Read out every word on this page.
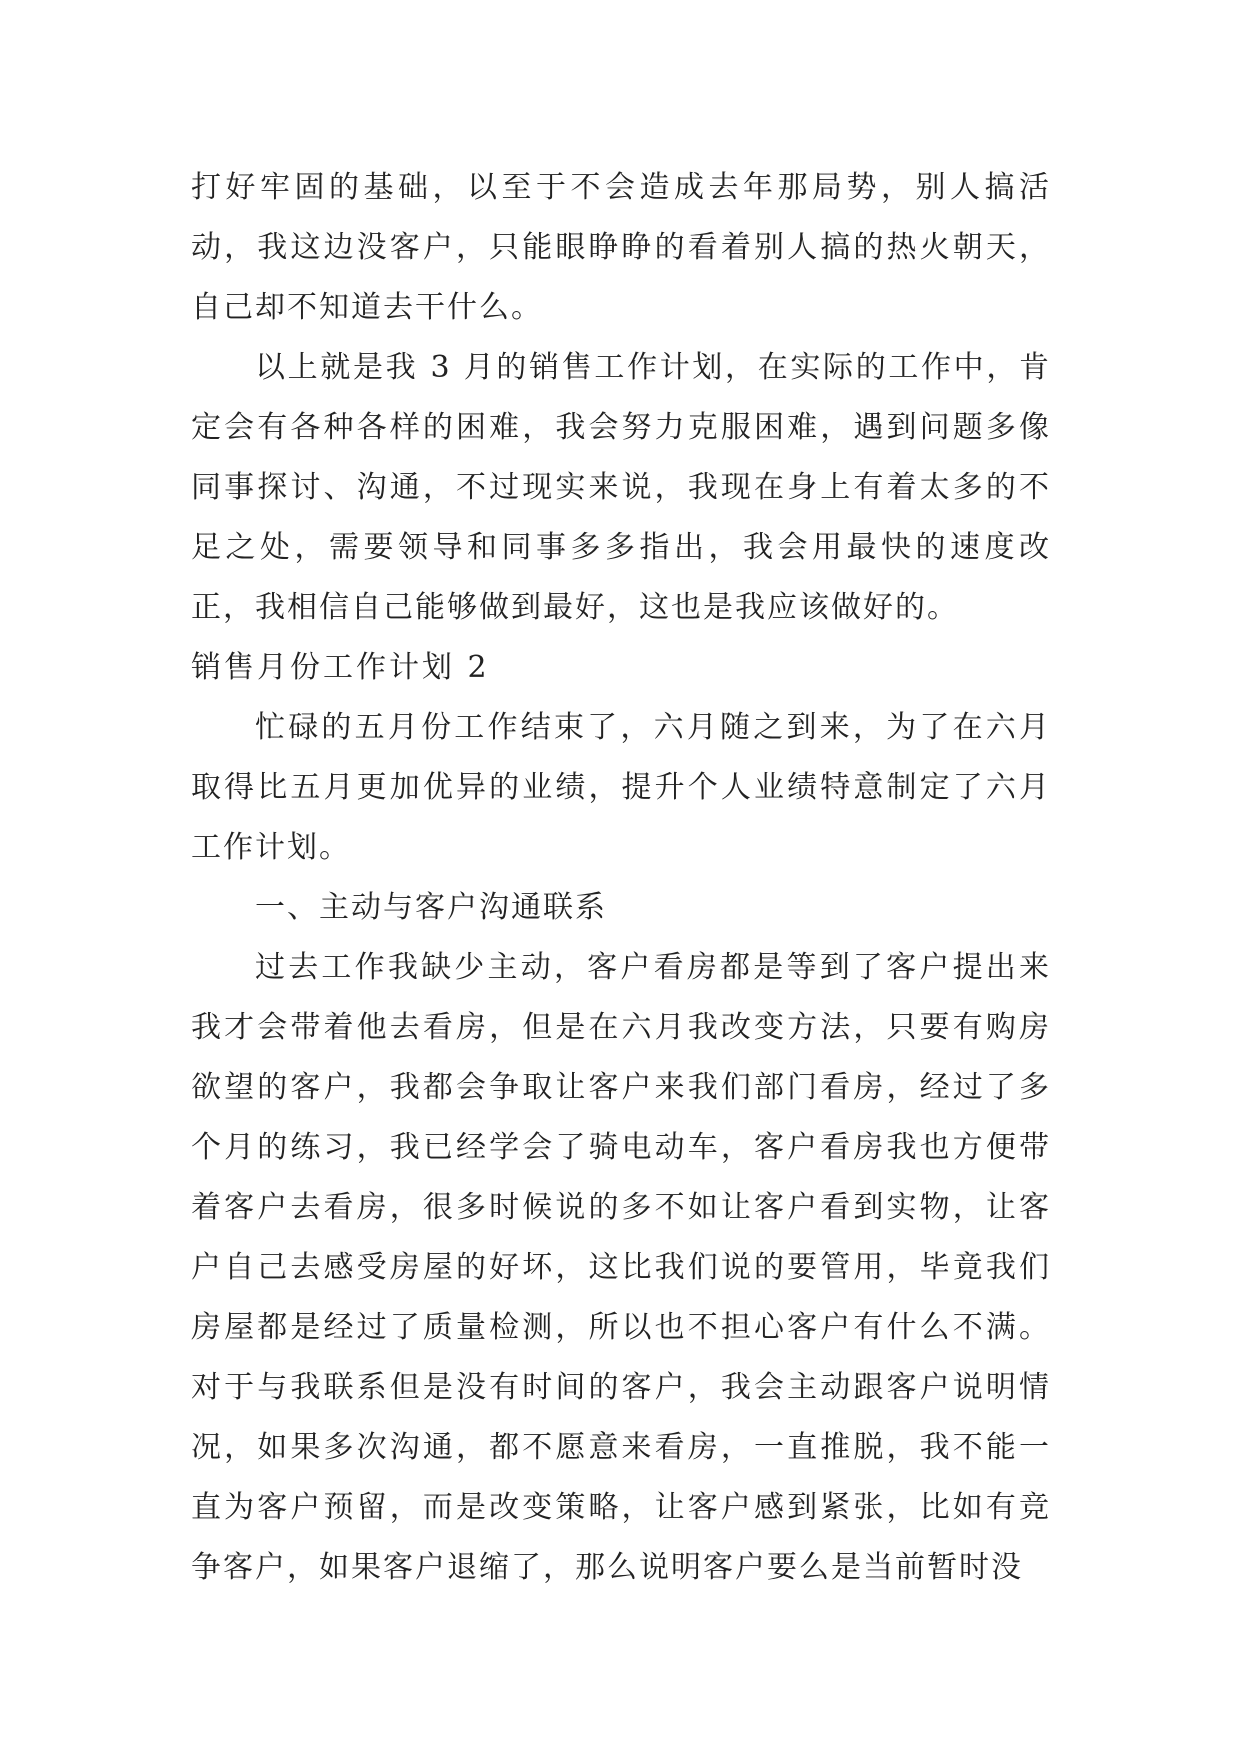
打好牢固的基础，以至于不会造成去年那局势，别人搞活动，我这边没客户，只能眼睁睁的看着别人搞的热火朝天，自己却不知道去干什么。

以上就是我 3 月的销售工作计划，在实际的工作中，肯定会有各种各样的困难，我会努力克服困难，遇到问题多像同事探讨、沟通，不过现实来说，我现在身上有着太多的不足之处，需要领导和同事多多指出，我会用最快的速度改正，我相信自己能够做到最好，这也是我应该做好的。

销售月份工作计划 2

忙碌的五月份工作结束了，六月随之到来，为了在六月取得比五月更加优异的业绩，提升个人业绩特意制定了六月工作计划。

一、主动与客户沟通联系

过去工作我缺少主动，客户看房都是等到了客户提出来我才会带着他去看房，但是在六月我改变方法，只要有购房欲望的客户，我都会争取让客户来我们部门看房，经过了多个月的练习，我已经学会了骑电动车，客户看房我也方便带着客户去看房，很多时候说的多不如让客户看到实物，让客户自己去感受房屋的好坏，这比我们说的要管用，毕竟我们房屋都是经过了质量检测，所以也不担心客户有什么不满。对于与我联系但是没有时间的客户，我会主动跟客户说明情况，如果多次沟通，都不愿意来看房，一直推脱，我不能一直为客户预留，而是改变策略，让客户感到紧张，比如有竞争客户，如果客户退缩了，那么说明客户要么是当前暂时没
